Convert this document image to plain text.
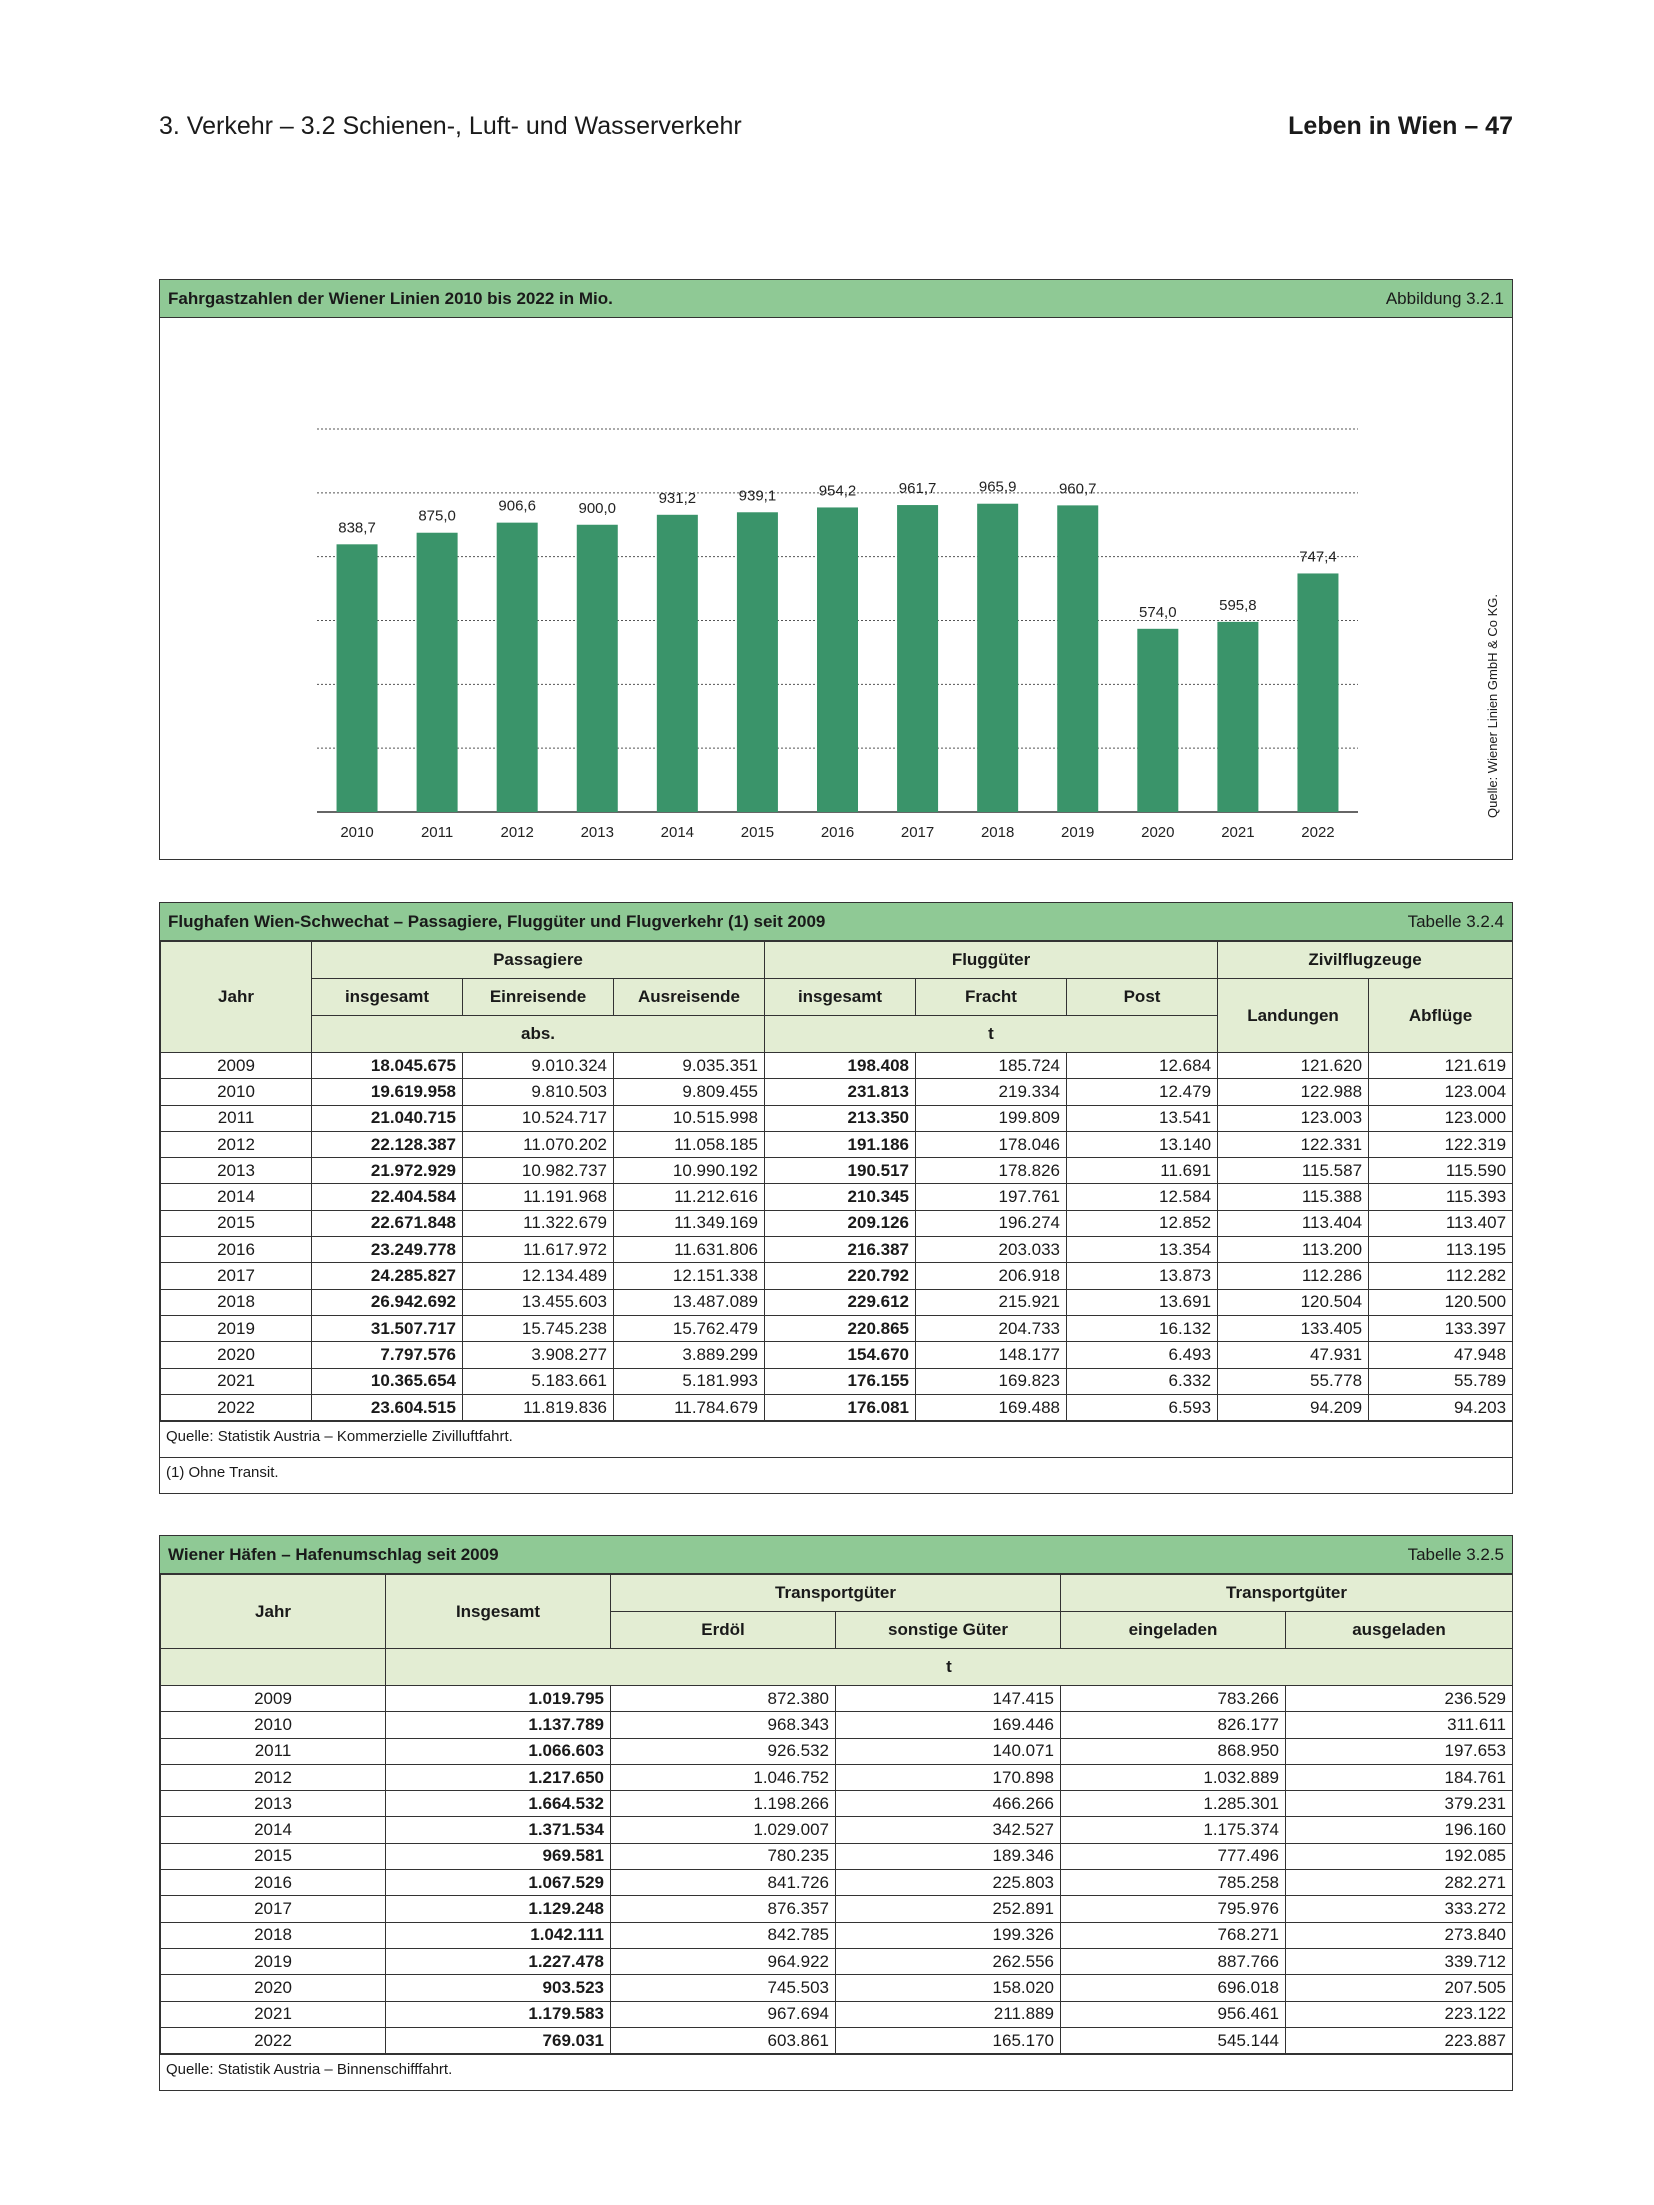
3. Verkehr – 3.2 Schienen-, Luft- und Wasserverkehr	Leben in Wien – 47
Fahrgastzahlen der Wiener Linien 2010 bis 2022 in Mio.	Abbildung 3.2.1
838,7
2010
875,0
2011
906,6
2012
900,0
2013
931,2
2014
939,1
2015
954,2
2016
961,7
2017
965,9
2018
960,7
2019
574,0
2020
595,8
2021
747,4
2022
Quelle: Wiener Linien GmbH & Co KG.
Flughafen Wien-Schwechat – Passagiere, Fluggüter und Flugverkehr (1) seit 2009	Tabelle 3.2.4
Jahr	Passagiere			Fluggüter			Zivilflugzeuge	
	insgesamt	Einreisende	Ausreisende	insgesamt	Fracht	Post	Landungen	Abflüge
	abs.			t				
2009	18.045.675	9.010.324	9.035.351	198.408	185.724	12.684	121.620	121.619
2010	19.619.958	9.810.503	9.809.455	231.813	219.334	12.479	122.988	123.004
2011	21.040.715	10.524.717	10.515.998	213.350	199.809	13.541	123.003	123.000
2012	22.128.387	11.070.202	11.058.185	191.186	178.046	13.140	122.331	122.319
2013	21.972.929	10.982.737	10.990.192	190.517	178.826	11.691	115.587	115.590
2014	22.404.584	11.191.968	11.212.616	210.345	197.761	12.584	115.388	115.393
2015	22.671.848	11.322.679	11.349.169	209.126	196.274	12.852	113.404	113.407
2016	23.249.778	11.617.972	11.631.806	216.387	203.033	13.354	113.200	113.195
2017	24.285.827	12.134.489	12.151.338	220.792	206.918	13.873	112.286	112.282
2018	26.942.692	13.455.603	13.487.089	229.612	215.921	13.691	120.504	120.500
2019	31.507.717	15.745.238	15.762.479	220.865	204.733	16.132	133.405	133.397
2020	7.797.576	3.908.277	3.889.299	154.670	148.177	6.493	47.931	47.948
2021	10.365.654	5.183.661	5.181.993	176.155	169.823	6.332	55.778	55.789
2022	23.604.515	11.819.836	11.784.679	176.081	169.488	6.593	94.209	94.203
Quelle: Statistik Austria – Kommerzielle Zivilluftfahrt.
(1) Ohne Transit.
Wiener Häfen – Hafenumschlag seit 2009	Tabelle 3.2.5
Jahr	Insgesamt	Transportgüter		Transportgüter	
		Erdöl	sonstige Güter	eingeladen	ausgeladen
	t				
2009	1.019.795	872.380	147.415	783.266	236.529
2010	1.137.789	968.343	169.446	826.177	311.611
2011	1.066.603	926.532	140.071	868.950	197.653
2012	1.217.650	1.046.752	170.898	1.032.889	184.761
2013	1.664.532	1.198.266	466.266	1.285.301	379.231
2014	1.371.534	1.029.007	342.527	1.175.374	196.160
2015	969.581	780.235	189.346	777.496	192.085
2016	1.067.529	841.726	225.803	785.258	282.271
2017	1.129.248	876.357	252.891	795.976	333.272
2018	1.042.111	842.785	199.326	768.271	273.840
2019	1.227.478	964.922	262.556	887.766	339.712
2020	903.523	745.503	158.020	696.018	207.505
2021	1.179.583	967.694	211.889	956.461	223.122
2022	769.031	603.861	165.170	545.144	223.887
Quelle: Statistik Austria – Binnenschifffahrt.
